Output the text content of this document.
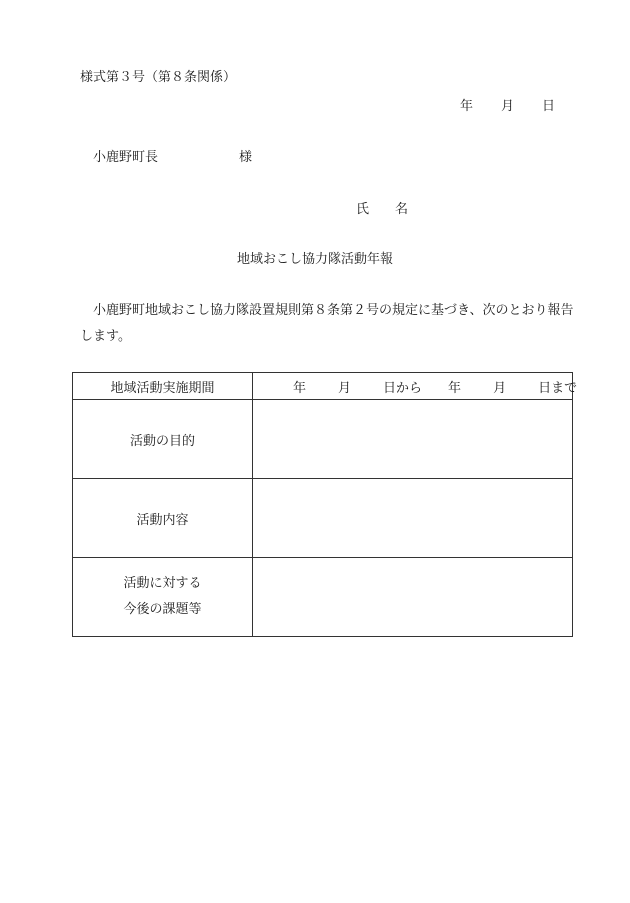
様式第３号（第８条関係）
年 月 日
小鹿野町長	様
氏 名
地域おこし協力隊活動年報
小鹿野町地域おこし協力隊設置規則第８条第２号の規定に基づき、次のとおり報告します。
地域活動実施期間	年 月 日から 年 月 日まで
活動の目的	
活動内容	

活動に対する
今後の課題等	
